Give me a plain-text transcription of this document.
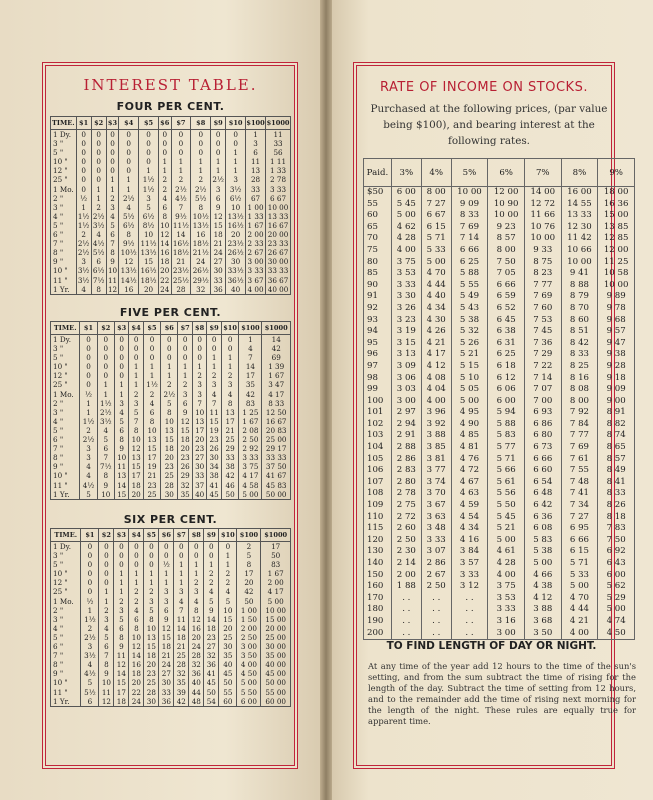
INTEREST TABLE.
FOUR PER CENT.
TIME.	$1	$2	$3	$4	$5	$6	$7	$8	$9	$10	$100	$1000
1 Dy.	0	0	0	0	0	0	0	0	0	0	1	11
3 "	0	0	0	0	0	0	0	0	0	0	3	33
5 "	0	0	0	0	0	0	0	0	0	1	6	56
10 "	0	0	0	0	0	1	1	1	1	1	11	1 11
12 "	0	0	0	0	1	1	1	1	1	1	13	1 33
25 "	0	0	1	1	1½	2	2	2	2½	3	28	2 78
1 Mo.	0	1	1	1	1½	2	2½	2½	3	3½	33	3 33
2 "	½	1	2	2½	3	4	4½	5½	6	6½	67	6 67
3 "	1	2	3	4	5	6	7	8	9	10	1 00	10 00
4 "	1½	2½	4	5½	6½	8	9½	10½	12	13½	1 33	13 33
5 "	1½	3½	5	6½	8½	10	11½	13½	15	16½	1 67	16 67
6 "	2	4	6	8	10	12	14	16	18	20	2 00	20 00
7 "	2½	4½	7	9½	11½	14	16½	18½	21	23½	2 33	23 33
8 "	2½	5½	8	10½	13½	16	18½	21½	24	26½	2 67	26 67
9 "	3	6	9	12	15	18	21	24	27	30	3 00	30 00
10 "	3½	6½	10	13½	16½	20	23½	26½	30	33½	3 33	33 33
11 "	3½	7½	11	14½	18½	22	25½	29½	33	36½	3 67	36 67
1 Yr.	4	8	12	16	20	24	28	32	36	40	4 00	40 00
FIVE PER CENT.
TIME.	$1	$2	$3	$4	$5	$6	$7	$8	$9	$10	$100	$1000
1 Dy.	0	0	0	0	0	0	0	0	0	0	1	14
3 "	0	0	0	0	0	0	0	0	0	0	4	42
5 "	0	0	0	0	0	0	0	0	1	1	7	69
10 "	0	0	0	1	1	1	1	1	1	1	14	1 39
12 "	0	0	0	1	1	1	1	2	2	2	17	1 67
25 "	0	1	1	1	1½	2	2	3	3	3	35	3 47
1 Mo.	½	1	1	2	2	2½	3	3	4	4	42	4 17
2 "	1	1½	3	3	4	5	6	7	7	8	83	8 33
3 "	1	2½	4	5	6	8	9	10	11	13	1 25	12 50
4 "	1½	3½	5	7	8	10	12	13	15	17	1 67	16 67
5 "	2	4	6	8	10	13	15	17	19	21	2 08	20 83
6 "	2½	5	8	10	13	15	18	20	23	25	2 50	25 00
7 "	3	6	9	12	15	18	20	23	26	29	2 92	29 17
8 "	3	7	10	13	17	20	23	27	30	33	3 33	33 33
9 "	4	7½	11	15	19	23	26	30	34	38	3 75	37 50
10 "	4	8	13	17	21	25	29	33	38	42	4 17	41 67
11 "	4½	9	14	18	23	28	32	37	41	46	4 58	45 83
1 Yr.	5	10	15	20	25	30	35	40	45	50	5 00	50 00
SIX PER CENT.
TIME.	$1	$2	$3	$4	$5	$6	$7	$8	$9	$10	$100	$1000
1 Dy.	0	0	0	0	0	0	0	0	0	0	2	17
3 "	0	0	0	0	0	0	0	0	0	1	5	50
5 "	0	0	0	0	0	½	1	1	1	1	8	83
10 "	0	0	1	1	1	1	1	1	2	2	17	1 67
12 "	0	0	1	1	1	1	1	2	2	2	20	2 00
25 "	0	1	1	2	2	3	3	3	4	4	42	4 17
1 Mo.	½	1	2	2	3	3	4	4	5	5	50	5 00
2 "	1	2	3	4	5	6	7	8	9	10	1 00	10 00
3 "	1½	3	5	6	8	9	11	12	14	15	1 50	15 00
4 "	2	4	6	8	10	12	14	16	18	20	2 00	20 00
5 "	2½	5	8	10	13	15	18	20	23	25	2 50	25 00
6 "	3	6	9	12	15	18	21	24	27	30	3 00	30 00
7 "	3½	7	11	14	18	21	25	28	32	35	3 50	35 00
8 "	4	8	12	16	20	24	28	32	36	40	4 00	40 00
9 "	4½	9	14	18	23	27	32	36	41	45	4 50	45 00
10 "	5	10	15	20	25	30	35	40	45	50	5 00	50 00
11 "	5½	11	17	22	28	33	39	44	50	55	5 50	55 00
1 Yr.	6	12	18	24	30	36	42	48	54	60	6 00	60 00
RATE OF INCOME ON STOCKS.
Purchased at the following prices, (par value being $100), and bearing interest at the following rates.
Paid.	3%	4%	5%	6%	7%	8%	9%
$50	6 00	8 00	10 00	12 00	14 00	16 00	18 00
55	5 45	7 27	9 09	10 90	12 72	14 55	16 36
60	5 00	6 67	8 33	10 00	11 66	13 33	15 00
65	4 62	6 15	7 69	9 23	10 76	12 30	13 85
70	4 28	5 71	7 14	8 57	10 00	11 42	12 85
75	4 00	5 33	6 66	8 00	9 33	10 66	12 00
80	3 75	5 00	6 25	7 50	8 75	10 00	11 25
85	3 53	4 70	5 88	7 05	8 23	9 41	10 58
90	3 33	4 44	5 55	6 66	7 77	8 88	10 00
91	3 30	4 40	5 49	6 59	7 69	8 79	9 89
92	3 26	4 34	5 43	6 52	7 60	8 70	9 78
93	3 23	4 30	5 38	6 45	7 53	8 60	9 68
94	3 19	4 26	5 32	6 38	7 45	8 51	9 57
95	3 15	4 21	5 26	6 31	7 36	8 42	9 47
96	3 13	4 17	5 21	6 25	7 29	8 33	9 38
97	3 09	4 12	5 15	6 18	7 22	8 25	9 28
98	3 06	4 08	5 10	6 12	7 14	8 16	9 18
99	3 03	4 04	5 05	6 06	7 07	8 08	9 09
100	3 00	4 00	5 00	6 00	7 00	8 00	9 00
101	2 97	3 96	4 95	5 94	6 93	7 92	8 91
102	2 94	3 92	4 90	5 88	6 86	7 84	8 82
103	2 91	3 88	4 85	5 83	6 80	7 77	8 74
104	2 88	3 85	4 81	5 77	6 73	7 69	8 65
105	2 86	3 81	4 76	5 71	6 66	7 61	8 57
106	2 83	3 77	4 72	5 66	6 60	7 55	8 49
107	2 80	3 74	4 67	5 61	6 54	7 48	8 41
108	2 78	3 70	4 63	5 56	6 48	7 41	8 33
109	2 75	3 67	4 59	5 50	6 42	7 34	8 26
110	2 72	3 63	4 54	5 45	6 36	7 27	8 18
115	2 60	3 48	4 34	5 21	6 08	6 95	7 83
120	2 50	3 33	4 16	5 00	5 83	6 66	7 50
130	2 30	3 07	3 84	4 61	5 38	6 15	6 92
140	2 14	2 86	3 57	4 28	5 00	5 71	6 43
150	2 00	2 67	3 33	4 00	4 66	5 33	6 00
160	1 88	2 50	3 12	3 75	4 38	5 00	5 62
170	. .	. .	. .	3 53	4 12	4 70	5 29
180	. .	. .	. .	3 33	3 88	4 44	5 00
190	. .	. .	. .	3 16	3 68	4 21	4 74
200	. .	. .	. .	3 00	3 50	4 00	4 50
TO FIND LENGTH OF DAY OR NIGHT.
At any time of the year add 12 hours to the time of the sun's setting, and from the sum subtract the time of rising for the length of the day. Subtract the time of setting from 12 hours, and to the remainder add the time of rising next morning for the length of the night. These rules are equally true for apparent time.
